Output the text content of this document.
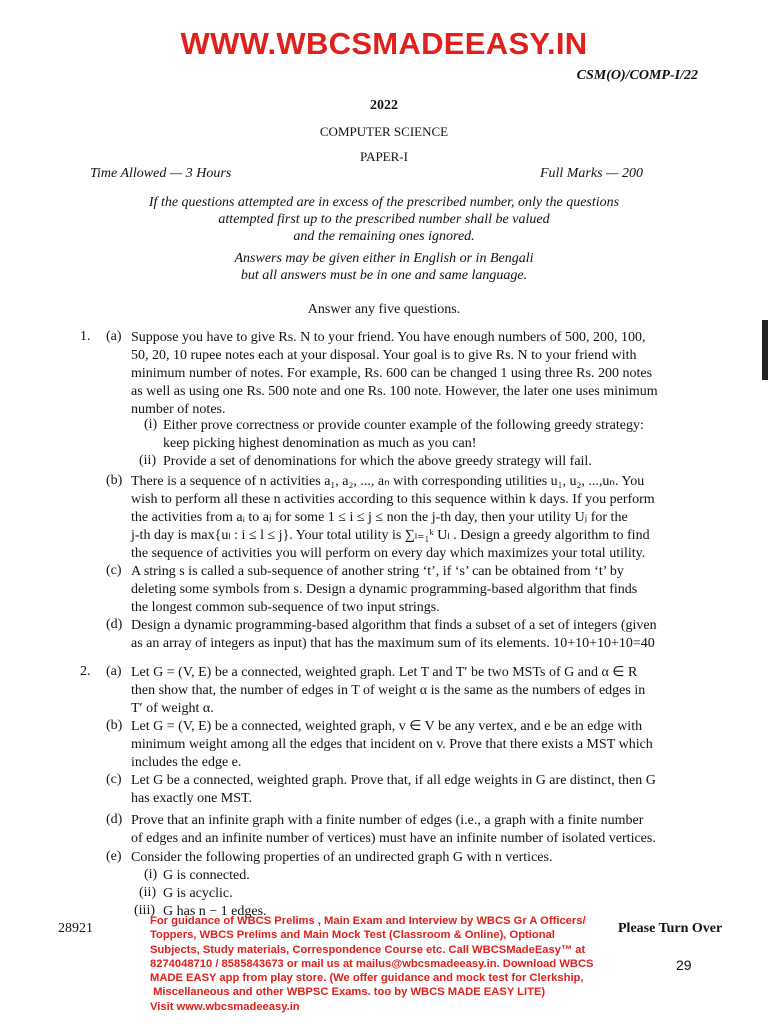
WWW.WBCSMADEEASY.IN
CSM(O)/COMP-I/22
2022
COMPUTER SCIENCE
PAPER-I
Time Allowed — 3 Hours	Full Marks — 200
If the questions attempted are in excess of the prescribed number, only the questions
attempted first up to the prescribed number shall be valued
and the remaining ones ignored.
Answers may be given either in English or in Bengali
but all answers must be in one and same language.
Answer any five questions.
1. (a) Suppose you have to give Rs. N to your friend. You have enough numbers of 500, 200, 100,
50, 20, 10 rupee notes each at your disposal. Your goal is to give Rs. N to your friend with
minimum number of notes. For example, Rs. 600 can be changed 1 using three Rs. 200 notes
as well as using one Rs. 500 note and one Rs. 100 note. However, the later one uses minimum
number of notes.
(i) Either prove correctness or provide counter example of the following greedy strategy:
keep picking highest denomination as much as you can!
(ii) Provide a set of denominations for which the above greedy strategy will fail.
(b) There is a sequence of n activities a₁, a₂, ..., aₙ with corresponding utilities u₁, u₂, ...,uₙ. You
wish to perform all these n activities according to this sequence within k days. If you perform
the activities from aᵢ to aⱼ for some 1 ≤ i ≤ j ≤ non the j-th day, then your utility Uⱼ for the
j-th day is max{uₗ : i ≤ l ≤ j}. Your total utility is ∑ₗ₌₁ᵏ Uₗ . Design a greedy algorithm to find
the sequence of activities you will perform on every day which maximizes your total utility.
(c) A string s is called a sub-sequence of another string ‘t’, if ‘s’ can be obtained from ‘t’ by
deleting some symbols from s. Design a dynamic programming-based algorithm that finds
the longest common sub-sequence of two input strings.
(d) Design a dynamic programming-based algorithm that finds a subset of a set of integers (given
as an array of integers as input) that has the maximum sum of its elements. 10+10+10+10=40
2. (a) Let G = (V, E) be a connected, weighted graph. Let T and T′ be two MSTs of G and α ∈ R
then show that, the number of edges in T of weight α is the same as the numbers of edges in
T′ of weight α.
(b) Let G = (V, E) be a connected, weighted graph, v ∈ V be any vertex, and e be an edge with
minimum weight among all the edges that incident on v. Prove that there exists a MST which
includes the edge e.
(c) Let G be a connected, weighted graph. Prove that, if all edge weights in G are distinct, then G
has exactly one MST.
(d) Prove that an infinite graph with a finite number of edges (i.e., a graph with a finite number
of edges and an infinite number of vertices) must have an infinite number of isolated vertices.
(e) Consider the following properties of an undirected graph G with n vertices.
(i) G is connected.
(ii) G is acyclic.
(iii) G has n − 1 edges.
28921	Please Turn Over
29
For guidance of WBCS Prelims , Main Exam and Interview by WBCS Gr A Officers/
Toppers, WBCS Prelims and Main Mock Test (Classroom & Online), Optional
Subjects, Study materials, Correspondence Course etc. Call WBCSMadeEasy™ at
8274048710 / 8585843673 or mail us at mailus@wbcsmadeeasy.in. Download WBCS
MADE EASY app from play store. (We offer guidance and mock test for Clerkship,
Miscellaneous and other WBPSC Exams. too by WBCS MADE EASY LITE)
Visit www.wbcsmadeeasy.in
